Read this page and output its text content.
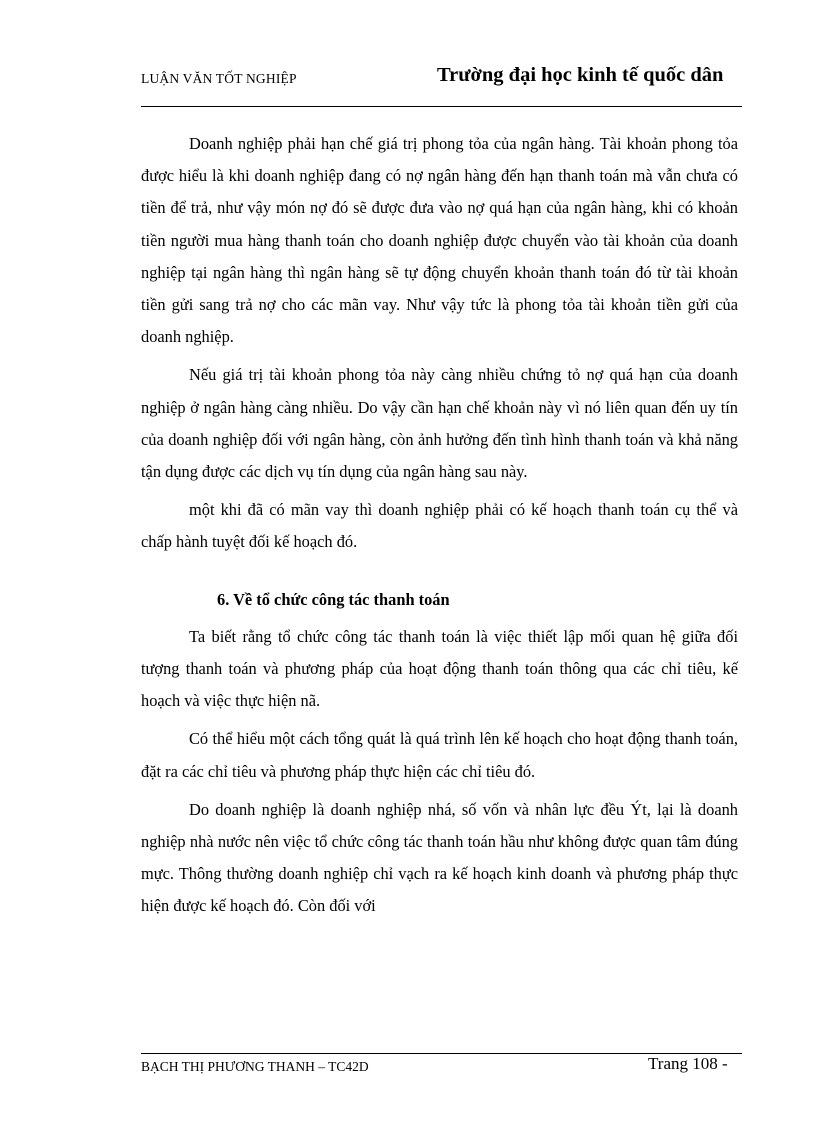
LUẬN VĂN TỐT NGHIỆP	Trường đại học kinh tế quốc dân

Doanh nghiệp phải hạn chế giá trị phong tỏa của ngân hàng. Tài khoản phong tỏa được hiểu là khi doanh nghiệp đang có nợ ngân hàng đến hạn thanh toán mà vẫn chưa có tiền để trả, như vậy món nợ đó sẽ được đưa vào nợ quá hạn của ngân hàng, khi có khoản tiền người mua hàng thanh toán cho doanh nghiệp được chuyển vào tài khoản của doanh nghiệp tại ngân hàng thì ngân hàng sẽ tự động chuyển khoản thanh toán đó từ tài khoản tiền gửi sang trả nợ cho các mãn vay. Như vậy tức là phong tỏa tài khoản tiền gửi của doanh nghiệp.

Nếu giá trị tài khoản phong tỏa này càng nhiều chứng tỏ nợ quá hạn của doanh nghiệp ở ngân hàng càng nhiều. Do vậy cần hạn chế khoản này vì nó liên quan đến uy tín của doanh nghiệp đối với ngân hàng, còn ảnh hưởng đến tình hình thanh toán và khả năng tận dụng được các dịch vụ tín dụng của ngân hàng sau này.

một khi đã có mãn vay thì doanh nghiệp phải có kế hoạch thanh toán cụ thể và chấp hành tuyệt đối kế hoạch đó.

6. Về tổ chức công tác thanh toán

Ta biết rằng tổ chức công tác thanh toán là việc thiết lập mối quan hệ giữa đối tượng thanh toán và phương pháp của hoạt động thanh toán thông qua các chỉ tiêu, kế hoạch và việc thực hiện nã.

Có thể hiểu một cách tổng quát là quá trình lên kế hoạch cho hoạt động thanh toán, đặt ra các chỉ tiêu và phương pháp thực hiện các chỉ tiêu đó.

Do doanh nghiệp là doanh nghiệp nhá, số vốn và nhân lực đều Ýt, lại là doanh nghiệp nhà nước nên việc tổ chức công tác thanh toán hầu như không được quan tâm đúng mực. Thông thường doanh nghiệp chỉ vạch ra kế hoạch kinh doanh và phương pháp thực hiện được kế hoạch đó. Còn đối với

BẠCH THỊ PHƯƠNG THANH – TC42D	Trang 108 -
